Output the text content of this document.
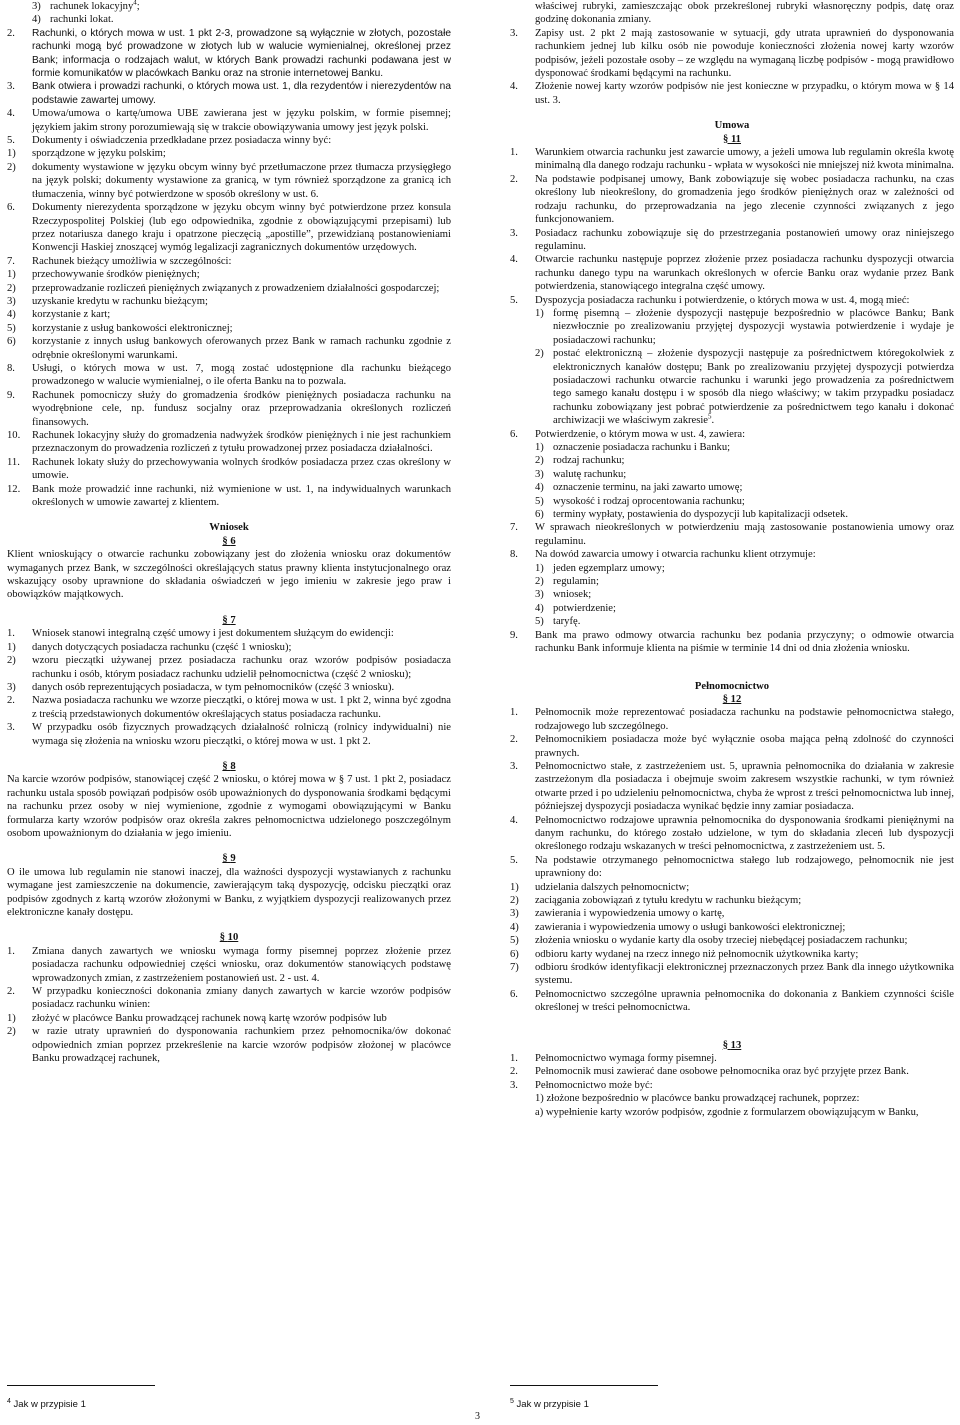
3) rachunek lokacyjny$^4$;
4) rachunki lokat.
2.	Rachunki, o których mowa w ust. 1 pkt 2-3, prowadzone są wyłącznie w złotych, pozostałe rachunki mogą być prowadzone w złotych lub w walucie wymienialnej, określonej przez Bank; informacja o rodzajach walut, w których Bank prowadzi rachunki podawana jest w formie komunikatów w placówkach Banku oraz na stronie internetowej Banku.
3.	Bank otwiera i prowadzi rachunki, o których mowa ust. 1, dla rezydentów i nierezydentów na podstawie zawartej umowy.
4.	Umowa/umowa o kartę/umowa UBE zawierana jest w języku polskim, w formie pisemnej; językiem jakim strony porozumiewają się w trakcie obowiązywania umowy jest język polski.
5.	Dokumenty i oświadczenia przedkładane przez posiadacza winny być:
1)	sporządzone w języku polskim;
2)	dokumenty wystawione w języku obcym winny być przetłumaczone przez tłumacza przysięgłego na język polski; dokumenty wystawione za granicą, w tym również sporządzone za granicą ich tłumaczenia, winny być potwierdzone w sposób określony w ust. 6.
6.	Dokumenty nierezydenta sporządzone w języku obcym winny być potwierdzone przez konsula Rzeczypospolitej Polskiej (lub ego odpowiednika, zgodnie z obowiązującymi przepisami) lub przez notariusza danego kraju i opatrzone pieczęcią „apostille”, przewidzianą postanowieniami Konwencji Haskiej znoszącej wymóg legalizacji zagranicznych dokumentów urzędowych.
7.	Rachunek bieżący umożliwia w szczególności:
1)	przechowywanie środków pieniężnych;
2)	przeprowadzanie rozliczeń pieniężnych związanych z prowadzeniem działalności gospodarczej;
3)	uzyskanie kredytu w rachunku bieżącym;
4)	korzystanie z kart;
5)	korzystanie z usług bankowości elektronicznej;
6)	korzystanie z innych usług bankowych oferowanych przez Bank w ramach rachunku zgodnie z odrębnie określonymi warunkami.
8.	Usługi, o których mowa w ust. 7, mogą zostać udostępnione dla rachunku bieżącego prowadzonego w walucie wymienialnej, o ile oferta Banku na to pozwala.
9.	Rachunek pomocniczy służy do gromadzenia środków pieniężnych posiadacza rachunku na wyodrębnione cele, np. fundusz socjalny oraz przeprowadzania określonych rozliczeń finansowych.
10.	Rachunek lokacyjny służy do gromadzenia nadwyżek środków pieniężnych i nie jest rachunkiem przeznaczonym do prowadzenia rozliczeń z tytułu prowadzonej przez posiadacza działalności.
11.	Rachunek lokaty służy do przechowywania wolnych środków posiadacza przez czas określony w umowie.
12.	Bank może prowadzić inne rachunki, niż wymienione w ust. 1, na indywidualnych warunkach określonych w umowie zawartej z klientem.

Wniosek

§ 6

Klient wnioskujący o otwarcie rachunku zobowiązany jest do złożenia wniosku oraz dokumentów wymaganych przez Bank, w szczególności określających status prawny klienta instytucjonalnego oraz wskazujący osoby uprawnione do składania oświadczeń w jego imieniu w zakresie jego praw i obowiązków majątkowych.

§ 7

1.	Wniosek stanowi integralną część umowy i jest dokumentem służącym do ewidencji:
1)	danych dotyczących posiadacza rachunku (część 1 wniosku);
2)	wzoru pieczątki używanej przez posiadacza rachunku oraz wzorów podpisów posiadacza rachunku i osób, którym posiadacz rachunku udzielił pełnomocnictwa (część 2 wniosku);
3)	danych osób reprezentujących posiadacza, w tym pełnomocników (część 3 wniosku).
2.	Nazwa posiadacza rachunku we wzorze pieczątki, o której mowa w ust. 1 pkt 2, winna być zgodna z treścią przedstawionych dokumentów określających status posiadacza rachunku.
3.	W przypadku osób fizycznych prowadzących działalność rolniczą (rolnicy indywidualni) nie wymaga się złożenia na wniosku wzoru pieczątki, o której mowa w ust. 1 pkt 2.

§ 8

Na karcie wzorów podpisów, stanowiącej część 2 wniosku, o której mowa w § 7 ust. 1 pkt 2, posiadacz rachunku ustala sposób powiązań podpisów osób upoważnionych do dysponowania środkami będącymi na rachunku przez osoby w niej wymienione, zgodnie z wymogami obowiązującymi w Banku formularza karty wzorów podpisów oraz określa zakres pełnomocnictwa udzielonego poszczególnym osobom upoważnionym do działania w jego imieniu.

§ 9

O ile umowa lub regulamin nie stanowi inaczej, dla ważności dyspozycji wystawianych z rachunku wymagane jest zamieszczenie na dokumencie, zawierającym taką dyspozycję, odcisku pieczątki oraz podpisów zgodnych z kartą wzorów złożonymi w Banku, z wyjątkiem dyspozycji realizowanych przez elektroniczne kanały dostępu.

§ 10

1.	Zmiana danych zawartych we wniosku wymaga formy pisemnej poprzez złożenie przez posiadacza rachunku odpowiedniej części wniosku, oraz dokumentów stanowiących podstawę wprowadzonych zmian, z zastrzeżeniem postanowień ust. 2 - ust. 4.
2.	W przypadku konieczności dokonania zmiany danych zawartych w karcie wzorów podpisów posiadacz rachunku winien:
1)	złożyć w placówce Banku prowadzącej rachunek nową kartę wzorów podpisów lub
2)	w razie utraty uprawnień do dysponowania rachunkiem przez pełnomocnika/ów dokonać odpowiednich zmian poprzez przekreślenie na karcie wzorów podpisów złożonej w placówce Banku prowadzącej rachunek,
właściwej rubryki, zamieszczając obok przekreślonej rubryki własnoręczny podpis, datę oraz godzinę dokonania zmiany.
3.	Zapisy ust. 2 pkt 2 mają zastosowanie w sytuacji, gdy utrata uprawnień do dysponowania rachunkiem jednej lub kilku osób nie powoduje konieczności złożenia nowej karty wzorów podpisów, jeżeli pozostałe osoby – ze względu na wymaganą liczbę podpisów - mogą prawidłowo dysponować środkami będącymi na rachunku.
4.	Złożenie nowej karty wzorów podpisów nie jest konieczne w przypadku, o którym mowa w § 14 ust. 3.

Umowa

§ 11

1.	Warunkiem otwarcia rachunku jest zawarcie umowy, a jeżeli umowa lub regulamin określa kwotę minimalną dla danego rodzaju rachunku - wpłata w wysokości nie mniejszej niż kwota minimalna.
2.	Na podstawie podpisanej umowy, Bank zobowiązuje się wobec posiadacza rachunku, na czas określony lub nieokreślony, do gromadzenia jego środków pieniężnych oraz w zależności od rodzaju rachunku, do przeprowadzania na jego zlecenie czynności związanych z jego funkcjonowaniem.
3.	Posiadacz rachunku zobowiązuje się do przestrzegania postanowień umowy oraz niniejszego regulaminu.
4.	Otwarcie rachunku następuje poprzez złożenie przez posiadacza rachunku dyspozycji otwarcia rachunku danego typu na warunkach określonych w ofercie Banku oraz wydanie przez Bank potwierdzenia, stanowiącego integralna część umowy.
5.	Dyspozycja posiadacza rachunku i potwierdzenie, o których mowa w ust. 4, mogą mieć:
1) formę pisemną – złożenie dyspozycji następuje bezpośrednio w placówce Banku; Bank niezwłocznie po zrealizowaniu przyjętej dyspozycji wystawia potwierdzenie i wydaje je posiadaczowi rachunku;
2) postać elektroniczną – złożenie dyspozycji następuje za pośrednictwem któregokolwiek z elektronicznych kanałów dostępu; Bank po zrealizowaniu przyjętej dyspozycji potwierdza posiadaczowi rachunku otwarcie rachunku i warunki jego prowadzenia za pośrednictwem tego samego kanału dostępu i w sposób dla niego właściwy; w takim przypadku posiadacz rachunku zobowiązany jest pobrać potwierdzenie za pośrednictwem tego kanału i dokonać archiwizacji we właściwym zakresie$^5$.
6.	Potwierdzenie, o którym mowa w ust. 4, zawiera:
1) oznaczenie posiadacza rachunku i Banku;
2) rodzaj rachunku;
3) walutę rachunku;
4) oznaczenie terminu, na jaki zawarto umowę;
5) wysokość i rodzaj oprocentowania rachunku;
6) terminy wypłaty, postawienia do dyspozycji lub kapitalizacji odsetek.
7.	W sprawach nieokreślonych w potwierdzeniu mają zastosowanie postanowienia umowy oraz regulaminu.
8.	Na dowód zawarcia umowy i otwarcia rachunku klient otrzymuje:
1) jeden egzemplarz umowy;
2) regulamin;
3) wniosek;
4) potwierdzenie;
5) taryfę.
9.	Bank ma prawo odmowy otwarcia rachunku bez podania przyczyny; o odmowie otwarcia rachunku Bank informuje klienta na piśmie w terminie 14 dni od dnia złożenia wniosku.

Pełnomocnictwo

§ 12

1.	Pełnomocnik może reprezentować posiadacza rachunku na podstawie pełnomocnictwa stałego, rodzajowego lub szczególnego.
2.	Pełnomocnikiem posiadacza może być wyłącznie osoba mająca pełną zdolność do czynności prawnych.
3.	Pełnomocnictwo stałe, z zastrzeżeniem ust. 5, uprawnia pełnomocnika do działania w zakresie zastrzeżonym dla posiadacza i obejmuje swoim zakresem wszystkie rachunki, w tym również otwarte przed i po udzieleniu pełnomocnictwa, chyba że wprost z treści pełnomocnictwa lub innej, późniejszej dyspozycji posiadacza wynikać będzie inny zamiar posiadacza.
4.	Pełnomocnictwo rodzajowe uprawnia pełnomocnika do dysponowania środkami pieniężnymi na danym rachunku, do którego zostało udzielone, w tym do składania zleceń lub dyspozycji określonego rodzaju wskazanych w treści pełnomocnictwa, z zastrzeżeniem ust. 5.
5.	Na podstawie otrzymanego pełnomocnictwa stałego lub rodzajowego, pełnomocnik nie jest uprawniony do:
1)	udzielania dalszych pełnomocnictw;
2)	zaciągania zobowiązań z tytułu kredytu w rachunku bieżącym;
3)	zawierania i wypowiedzenia umowy o kartę,
4)	zawierania i wypowiedzenia umowy o usługi bankowości elektronicznej;
5)	złożenia wniosku o wydanie karty dla osoby trzeciej niebędącej posiadaczem rachunku;
6)	odbioru karty wydanej na rzecz innego niż pełnomocnik użytkownika karty;
7)	odbioru środków identyfikacji elektronicznej przeznaczonych przez Bank dla innego użytkownika systemu.
6.	Pełnomocnictwo szczególne uprawnia pełnomocnika do dokonania z Bankiem czynności ściśle określonej w treści pełnomocnictwa.

§ 13

1.	Pełnomocnictwo wymaga formy pisemnej.
2.	Pełnomocnik musi zawierać dane osobowe pełnomocnika oraz być przyjęte przez Bank.
3.	Pełnomocnictwo może być:

1) złożone bezpośrednio w placówce banku prowadzącej rachunek, poprzez:

a) wypełnienie karty wzorów podpisów, zgodnie z formularzem obowiązującym w Banku,

$^4$ Jak w przypisie 1	$^5$ Jak w przypisie 1
3
